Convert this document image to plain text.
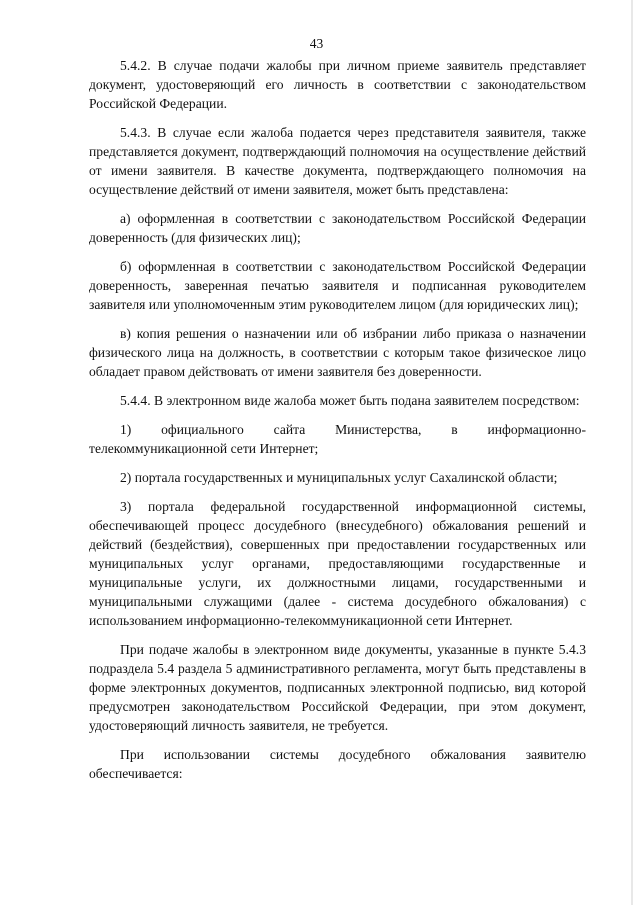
43

5.4.2. В случае подачи жалобы при личном приеме заявитель представляет документ, удостоверяющий его личность в соответствии с законодательством Российской Федерации.

5.4.3. В случае если жалоба подается через представителя заявителя, также представляется документ, подтверждающий полномочия на осуществление действий от имени заявителя. В качестве документа, подтверждающего полномочия на осуществление действий от имени заявителя, может быть представлена:

а) оформленная в соответствии с законодательством Российской Федерации доверенность (для физических лиц);

б) оформленная в соответствии с законодательством Российской Федерации доверенность, заверенная печатью заявителя и подписанная руководителем заявителя или уполномоченным этим руководителем лицом (для юридических лиц);

в) копия решения о назначении или об избрании либо приказа о назначении физического лица на должность, в соответствии с которым такое физическое лицо обладает правом действовать от имени заявителя без доверенности.

5.4.4. В электронном виде жалоба может быть подана заявителем посредством:

1) официального сайта Министерства, в информационно-телекоммуникационной сети Интернет;

2) портала государственных и муниципальных услуг Сахалинской области;

3) портала федеральной государственной информационной системы, обеспечивающей процесс досудебного (внесудебного) обжалования решений и действий (бездействия), совершенных при предоставлении государственных или муниципальных услуг органами, предоставляющими государственные и муниципальные услуги, их должностными лицами, государственными и муниципальными служащими (далее - система досудебного обжалования) с использованием информационно-телекоммуникационной сети Интернет.

При подаче жалобы в электронном виде документы, указанные в пункте 5.4.3 подраздела 5.4 раздела 5 административного регламента, могут быть представлены в форме электронных документов, подписанных электронной подписью, вид которой предусмотрен законодательством Российской Федерации, при этом документ, удостоверяющий личность заявителя, не требуется.

При использовании системы досудебного обжалования заявителю обеспечивается:
